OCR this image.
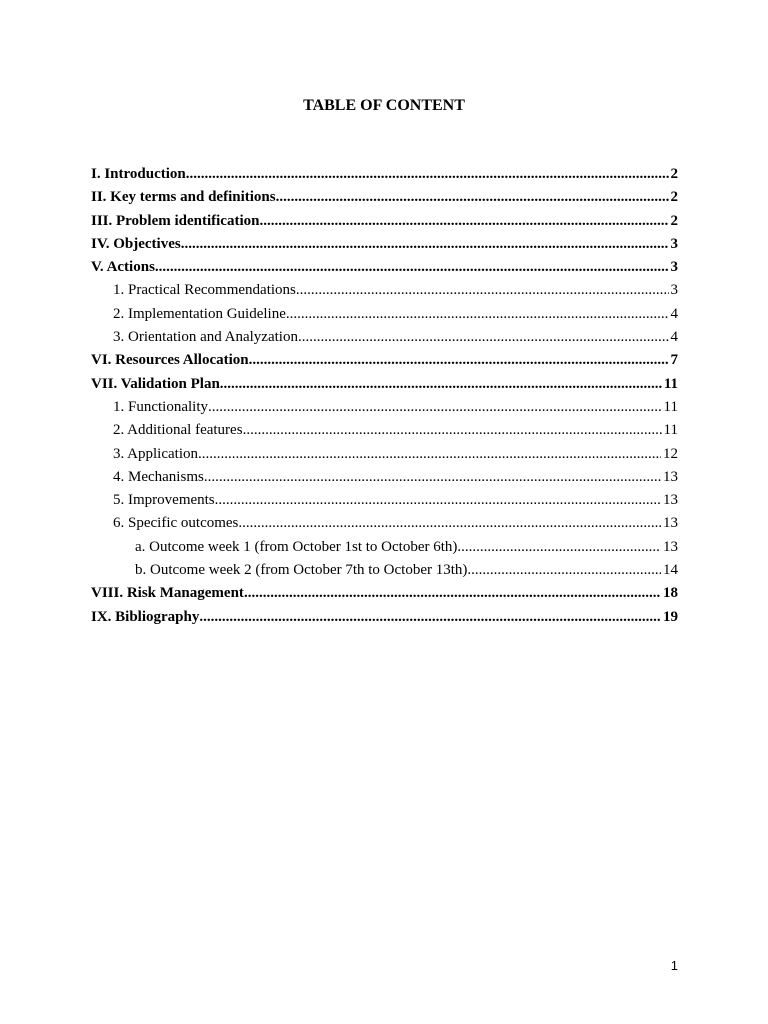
TABLE OF CONTENT
I. Introduction .....	2
II. Key terms and definitions .....	2
III. Problem identification .....	2
IV. Objectives .....	3
V. Actions .....	3
1. Practical Recommendations .....	3
2. Implementation Guideline .....	4
3. Orientation and Analyzation .....	4
VI. Resources Allocation .....	7
VII. Validation Plan .....	11
1. Functionality .....	11
2. Additional features .....	11
3. Application .....	12
4. Mechanisms .....	13
5. Improvements .....	13
6. Specific outcomes .....	13
a. Outcome week 1 (from October 1st to October 6th) .....	13
b. Outcome week 2 (from October 7th to October 13th) .....	14
VIII. Risk Management .....	18
IX. Bibliography .....	19
1
